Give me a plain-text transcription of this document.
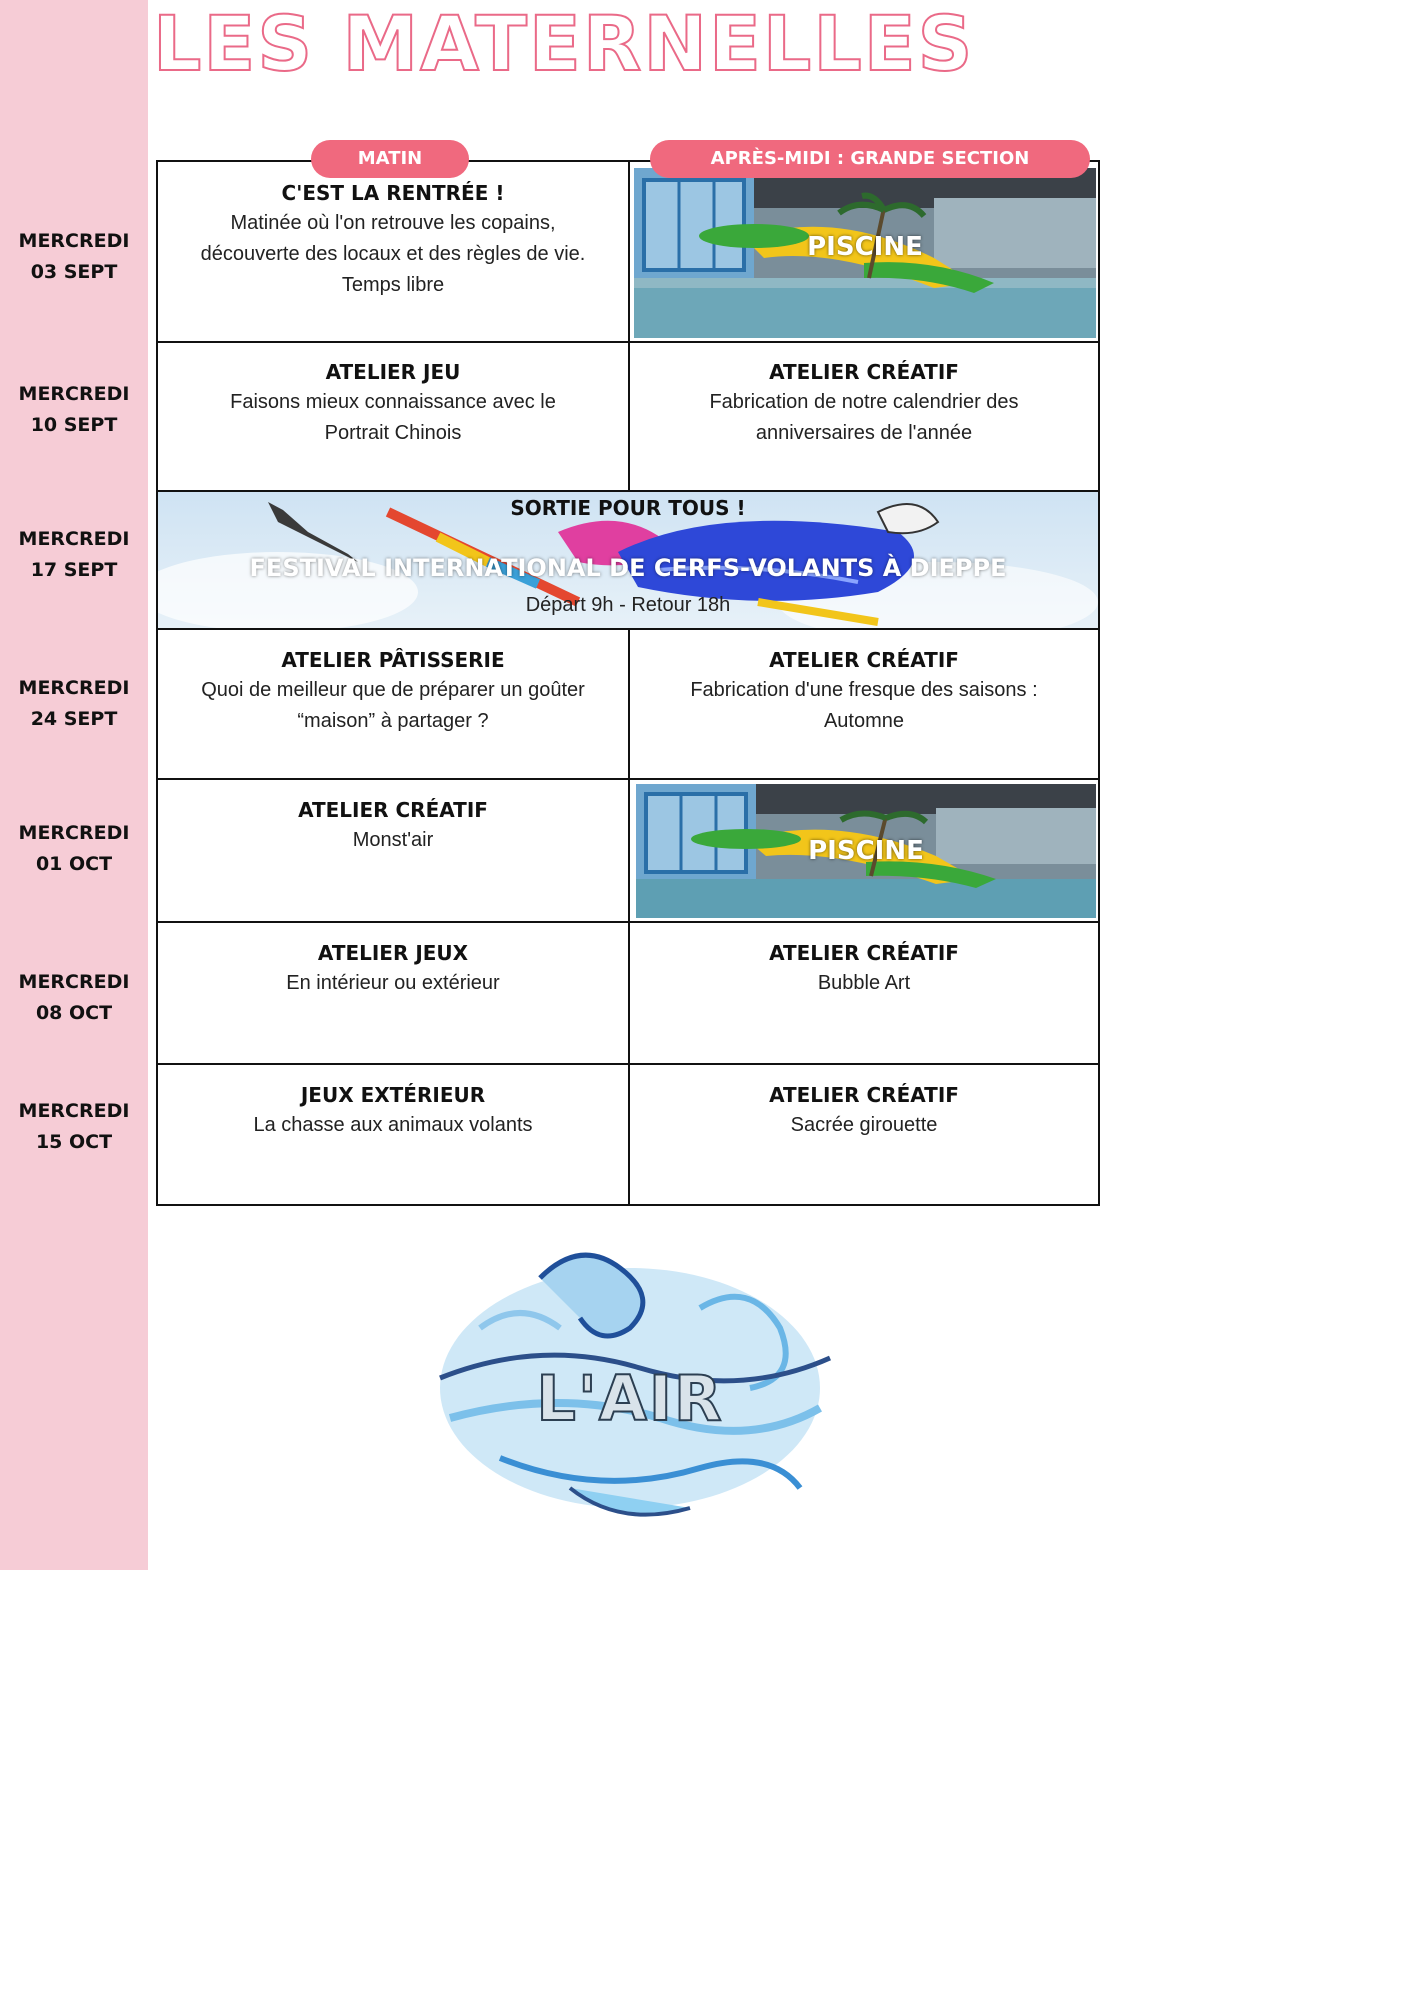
LES MATERNELLES
MERCREDI
03 SEPT
MERCREDI
10 SEPT
MERCREDI
17 SEPT
MERCREDI
24 SEPT
MERCREDI
01 OCT
MERCREDI
08 OCT
MERCREDI
15 OCT
MATIN	APRÈS-MIDI : GRANDE SECTION
C'EST LA RENTRÉE !

Matinée où l'on retrouve les copains,

découverte des locaux et des règles de vie.

Temps libre

PISCINE
ATELIER JEU

Faisons mieux connaissance avec le

Portrait Chinois

ATELIER CRÉATIF

Fabrication de notre calendrier des

anniversaires de l'année

SORTIE POUR TOUS !
FESTIVAL INTERNATIONAL DE CERFS-VOLANTS À DIEPPE
Départ 9h - Retour 18h
ATELIER PÂTISSERIE

Quoi de meilleur que de préparer un goûter

“maison” à partager ?

ATELIER CRÉATIF

Fabrication d'une fresque des saisons :

Automne

ATELIER CRÉATIF

Monst'air	PISCINE
ATELIER JEUX

En intérieur ou extérieur

ATELIER CRÉATIF

Bubble Art

JEUX EXTÉRIEUR

La chasse aux animaux volants

ATELIER CRÉATIF

Sacrée girouette

L'AIR
